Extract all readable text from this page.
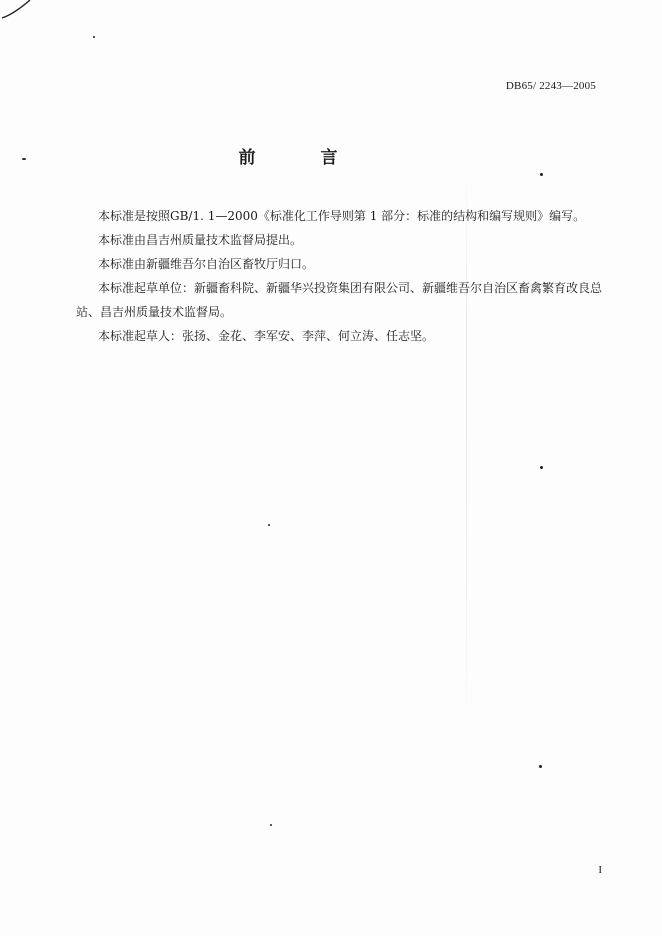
DB65/ 2243—2005
前　言

本标准是按照GB/1. 1—2000《标准化工作导则第 1 部分：标准的结构和编写规则》编写。

本标准由昌吉州质量技术监督局提出。

本标准由新疆维吾尔自治区畜牧厅归口。

本标准起草单位：新疆畜科院、新疆华兴投资集团有限公司、新疆维吾尔自治区畜禽繁育改良总站、昌吉州质量技术监督局。

本标准起草人：张扬、金花、李军安、李萍、何立涛、任志坚。

I
